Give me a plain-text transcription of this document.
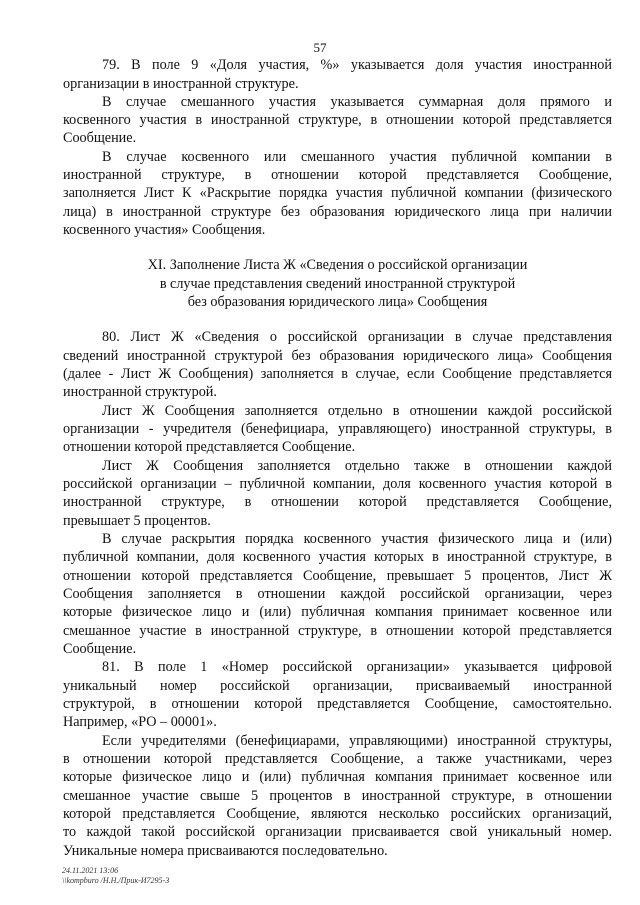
57
79. В поле 9 «Доля участия, %» указывается доля участия иностранной
организации в иностранной структуре.
В случае смешанного участия указывается суммарная доля прямого и
косвенного участия в иностранной структуре, в отношении которой представляется
Сообщение.
В случае косвенного или смешанного участия публичной компании в
иностранной структуре, в отношении которой представляется Сообщение,
заполняется Лист К «Раскрытие порядка участия публичной компании (физического
лица) в иностранной структуре без образования юридического лица при наличии
косвенного участия» Сообщения.
XI. Заполнение Листа Ж «Сведения о российской организации
в случае представления сведений иностранной структурой
без образования юридического лица» Сообщения
80. Лист Ж «Сведения о российской организации в случае представления
сведений иностранной структурой без образования юридического лица» Сообщения
(далее - Лист Ж Сообщения) заполняется в случае, если Сообщение представляется
иностранной структурой.
Лист Ж Сообщения заполняется отдельно в отношении каждой российской
организации - учредителя (бенефициара, управляющего) иностранной структуры, в
отношении которой представляется Сообщение.
Лист Ж Сообщения заполняется отдельно также в отношении каждой
российской организации – публичной компании, доля косвенного участия которой в
иностранной структуре, в отношении которой представляется Сообщение,
превышает 5 процентов.
В случае раскрытия порядка косвенного участия физического лица и (или)
публичной компании, доля косвенного участия которых в иностранной структуре, в
отношении которой представляется Сообщение, превышает 5 процентов, Лист Ж
Сообщения заполняется в отношении каждой российской организации, через
которые физическое лицо и (или) публичная компания принимает косвенное или
смешанное участие в иностранной структуре, в отношении которой представляется
Сообщение.
81. В поле 1 «Номер российской организации» указывается цифровой
уникальный номер российской организации, присваиваемый иностранной
структурой, в отношении которой представляется Сообщение, самостоятельно.
Например, «РО – 00001».
Если учредителями (бенефициарами, управляющими) иностранной структуры,
в отношении которой представляется Сообщение, а также участниками, через
которые физическое лицо и (или) публичная компания принимает косвенное или
смешанное участие свыше 5 процентов в иностранной структуре, в отношении
которой представляется Сообщение, являются несколько российских организаций,
то каждой такой российской организации присваивается свой уникальный номер.
Уникальные номера присваиваются последовательно.
24.11.2021 13:06
\\kompburo /Н.Н./Прик-И7295-3
